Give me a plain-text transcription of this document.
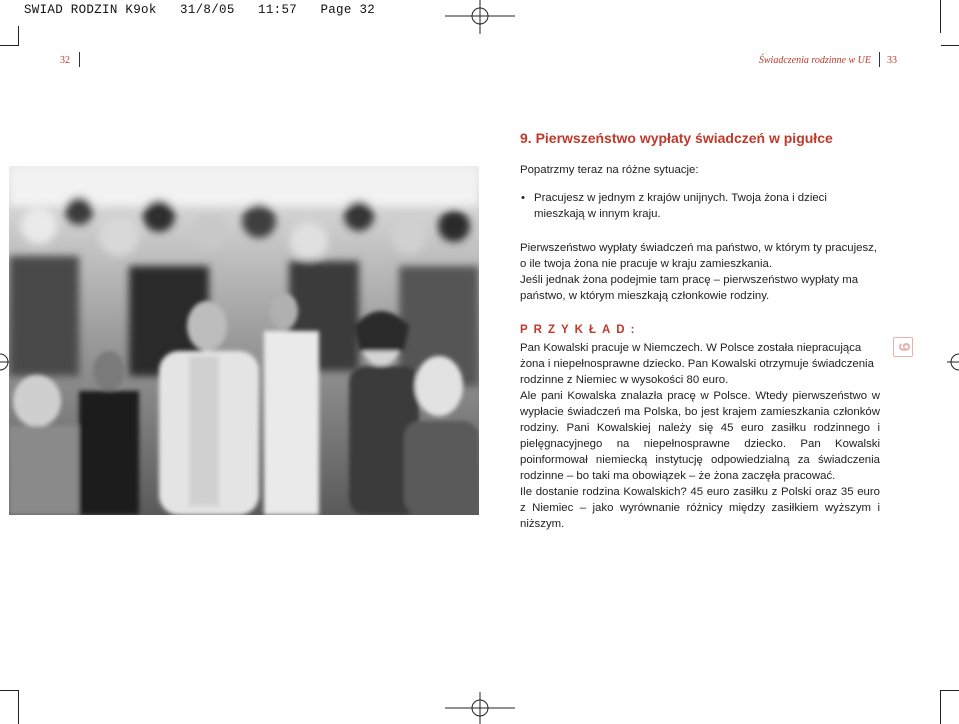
SWIAD RODZIN K9ok   31/8/05   11:57   Page 32
32	Świadczenia rodzinne w UE 33
9. Pierwszeństwo wypłaty świadczeń w pigułce
Popatrzmy teraz na różne sytuacje:
• Pracujesz w jednym z krajów unijnych. Twoja żona i dzieci mieszkają w innym kraju.
Pierwszeństwo wypłaty świadczeń ma państwo, w którym ty pracujesz, o ile twoja żona nie pracuje w kraju zamieszkania.
Jeśli jednak żona podejmie tam pracę – pierwszeństwo wypłaty ma państwo, w którym mieszkają członkowie rodziny.
PRZYKŁAD:
Pan Kowalski pracuje w Niemczech. W Polsce została niepracująca żona i niepełnosprawne dziecko. Pan Kowalski otrzymuje świadczenia rodzinne z Niemiec w wysokości 80 euro.
Ale pani Kowalska znalazła pracę w Polsce. Wtedy pierwszeństwo w wypłacie świadczeń ma Polska, bo jest krajem zamieszkania członków rodziny. Pani Kowalskiej należy się 45 euro zasiłku rodzinnego i pielęgnacyjnego na niepełnosprawne dziecko. Pan Kowalski poinformował niemiecką instytucję odpowiedzialną za świadczenia rodzinne – bo taki ma obowiązek – że żona zaczęła pracować.
Ile dostanie rodzina Kowalskich? 45 euro zasiłku z Polski oraz 35 euro z Niemiec – jako wyrównanie różnicy między zasiłkiem wyższym i niższym.
9
